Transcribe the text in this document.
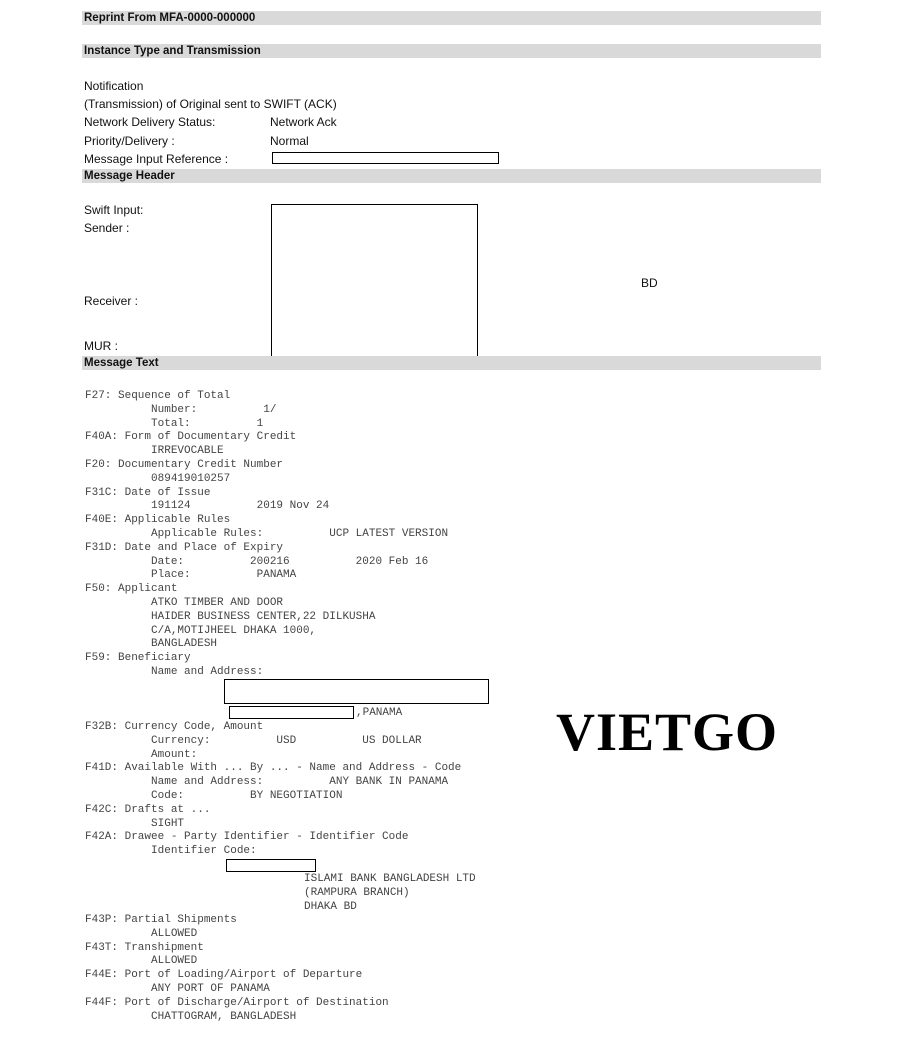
Reprint From MFA-0000-000000
Instance Type and Transmission
Notification
(Transmission) of Original sent to SWIFT (ACK)
Network Delivery Status:	Network Ack
Priority/Delivery :	Normal
Message Input Reference :
Message Header
Swift Input:
Sender :
Receiver :
MUR :
BD
Message Text
F27: Sequence of Total
Number:          1/
Total:          1
F40A: Form of Documentary Credit
IRREVOCABLE
F20: Documentary Credit Number
089419010257
F31C: Date of Issue
191124          2019 Nov 24
F40E: Applicable Rules
Applicable Rules:          UCP LATEST VERSION
F31D: Date and Place of Expiry
Date:          200216          2020 Feb 16
Place:          PANAMA
F50: Applicant
ATKO TIMBER AND DOOR
HAIDER BUSINESS CENTER,22 DILKUSHA
C/A,MOTIJHEEL DHAKA 1000,
BANGLADESH
F59: Beneficiary
Name and Address:
,PANAMA
F32B: Currency Code, Amount
Currency:          USD          US DOLLAR
Amount:
F41D: Available With ... By ... - Name and Address - Code
Name and Address:          ANY BANK IN PANAMA
Code:          BY NEGOTIATION
F42C: Drafts at ...
SIGHT
F42A: Drawee - Party Identifier - Identifier Code
Identifier Code:
ISLAMI BANK BANGLADESH LTD
(RAMPURA BRANCH)
DHAKA BD
F43P: Partial Shipments
ALLOWED
F43T: Transhipment
ALLOWED
F44E: Port of Loading/Airport of Departure
ANY PORT OF PANAMA
F44F: Port of Discharge/Airport of Destination
CHATTOGRAM, BANGLADESH
VIETGO
